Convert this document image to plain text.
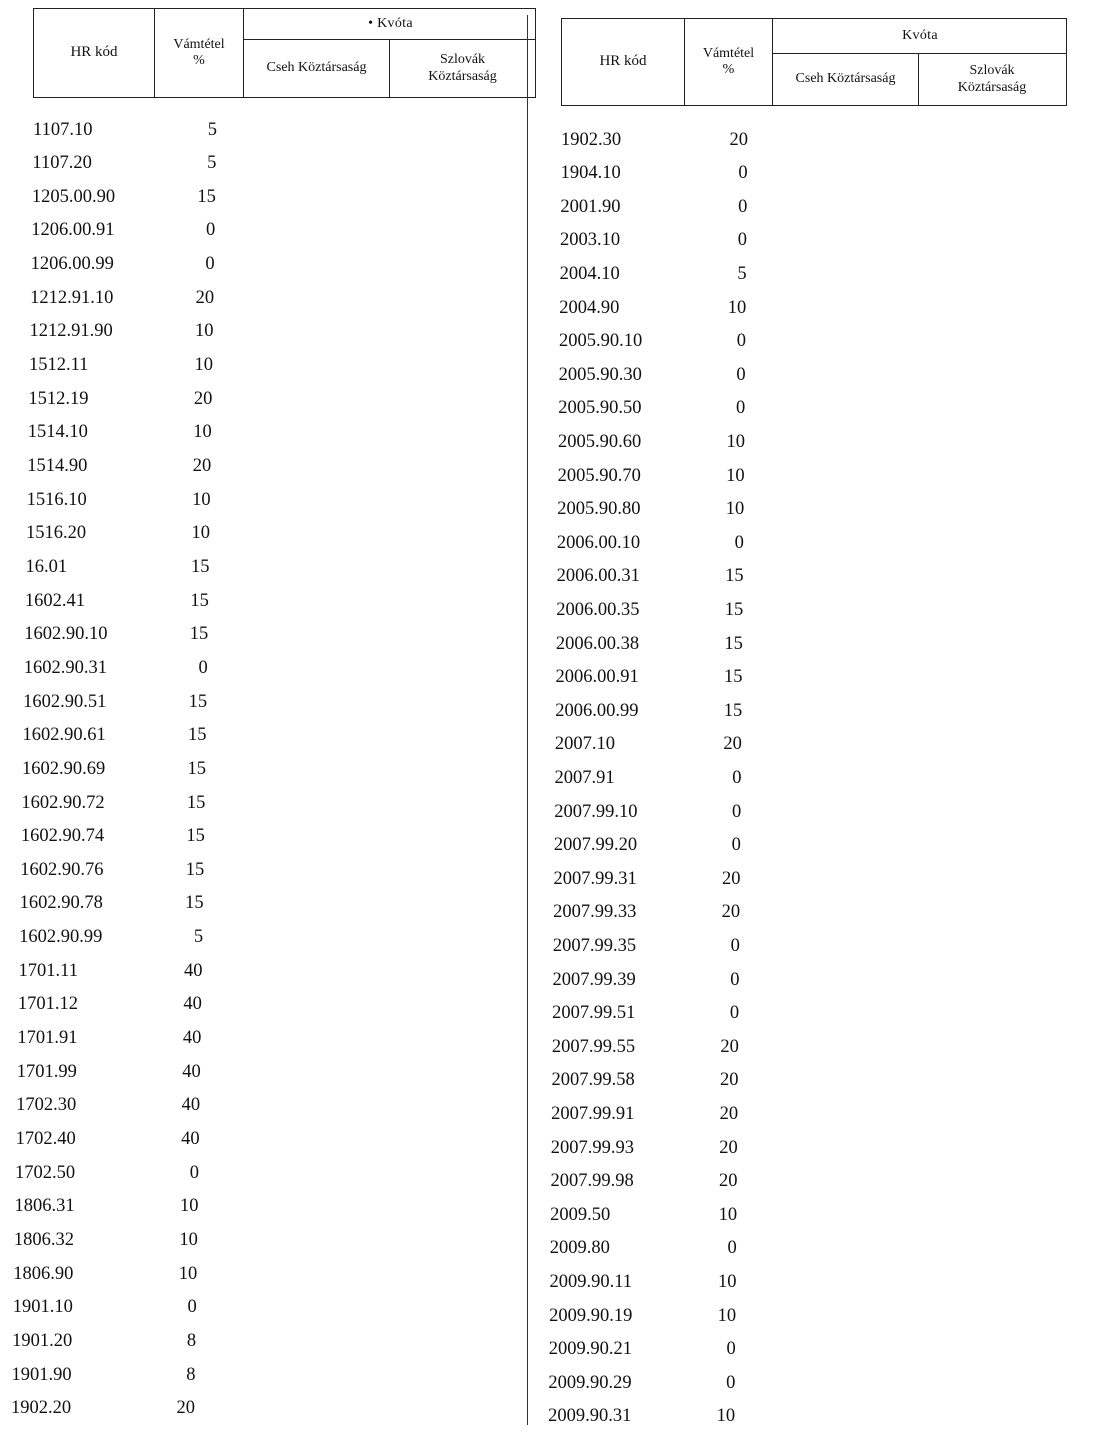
HR kód	Vámtétel
%
• Kvóta
Cseh Köztársaság
Szlovák
Köztársaság
1107.10	5
1107.20	5
1205.00.90	15
1206.00.91	0
1206.00.99	0
1212.91.10	20
1212.91.90	10
1512.11	10
1512.19	20
1514.10	10
1514.90	20
1516.10	10
1516.20	10
16.01	15
1602.41	15
1602.90.10	15
1602.90.31	0
1602.90.51	15
1602.90.61	15
1602.90.69	15
1602.90.72	15
1602.90.74	15
1602.90.76	15
1602.90.78	15
1602.90.99	5
1701.11	40
1701.12	40
1701.91	40
1701.99	40
1702.30	40
1702.40	40
1702.50	0
1806.31	10
1806.32	10
1806.90	10
1901.10	0
1901.20	8
1901.90	8
1902.20	20
HR kód	Vámtétel
%
Kvóta
Cseh Köztársaság
Szlovák
Köztársaság
1902.30	20
1904.10	0
2001.90	0
2003.10	0
2004.10	5
2004.90	10
2005.90.10	0
2005.90.30	0
2005.90.50	0
2005.90.60	10
2005.90.70	10
2005.90.80	10
2006.00.10	0
2006.00.31	15
2006.00.35	15
2006.00.38	15
2006.00.91	15
2006.00.99	15
2007.10	20
2007.91	0
2007.99.10	0
2007.99.20	0
2007.99.31	20
2007.99.33	20
2007.99.35	0
2007.99.39	0
2007.99.51	0
2007.99.55	20
2007.99.58	20
2007.99.91	20
2007.99.93	20
2007.99.98	20
2009.50	10
2009.80	0
2009.90.11	10
2009.90.19	10
2009.90.21	0
2009.90.29	0
2009.90.31	10
